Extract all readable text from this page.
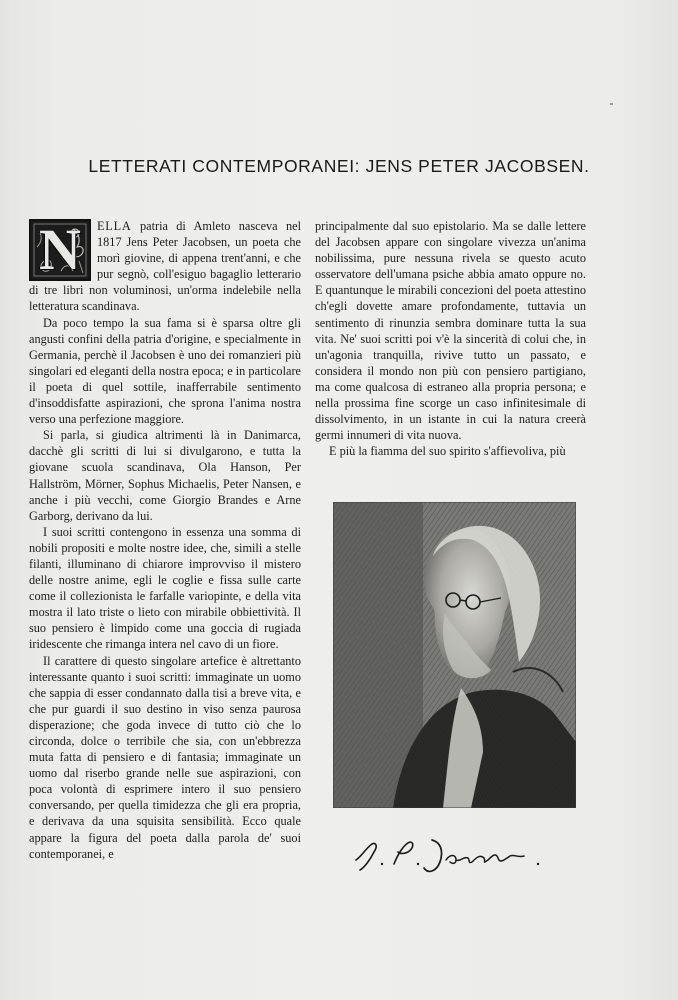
LETTERATI CONTEMPORANEI: JENS PETER JACOBSEN.

N	ELLA patria di Amleto nasceva nel 1817 Jens Peter Jacobsen, un poeta che morì giovine, di appena trent'anni, e che pur segnò, coll'esiguo bagaglio letterario di tre libri non voluminosi, un'orma indelebile nella letteratura scandinava.

Da poco tempo la sua fama si è sparsa oltre gli angusti confini della patria d'origine, e specialmente in Germania, perchè il Jacobsen è uno dei romanzieri più singolari ed eleganti della nostra epoca; e in particolare il poeta di quel sottile, inafferrabile sentimento d'insoddisfatte aspirazioni, che sprona l'anima nostra verso una perfezione maggiore.

Si parla, si giudica altrimenti là in Danimarca, dacchè gli scritti di lui si divulgarono, e tutta la giovane scuola scandinava, Ola Hanson, Per Hallström, Mörner, Sophus Michaelis, Peter Nansen, e anche i più vecchi, come Giorgio Brandes e Arne Garborg, derivano da lui.

I suoi scritti contengono in essenza una somma di nobili propositi e molte nostre idee, che, simili a stelle filanti, illuminano di chiarore improvviso il mistero delle nostre anime, egli le coglie e fissa sulle carte come il collezionista le farfalle variopinte, e della vita mostra il lato triste o lieto con mirabile obbiettività. Il suo pensiero è limpido come una goccia di rugiada iridescente che rimanga intera nel cavo di un fiore.

Il carattere di questo singolare artefice è altrettanto interessante quanto i suoi scritti: immaginate un uomo che sappia di esser condannato dalla tisi a breve vita, e che pur guardi il suo destino in viso senza paurosa disperazione; che goda invece di tutto ciò che lo circonda, dolce o terribile che sia, con un'ebbrezza muta fatta di pensiero e di fantasia; immaginate un uomo dal riserbo grande nelle sue aspirazioni, con poca volontà di esprimere intero il suo pensiero conversando, per quella timidezza che gli era propria, e derivava da una squisita sensibilità. Ecco quale appare la figura del poeta dalla parola de' suoi contemporanei, e

principalmente dal suo epistolario. Ma se dalle lettere del Jacobsen appare con singolare vivezza un'anima nobilissima, pure nessuna rivela se questo acuto osservatore dell'umana psiche abbia amato oppure no. E quantunque le mirabili concezioni del poeta attestino ch'egli dovette amare profondamente, tuttavia un sentimento di rinunzia sembra dominare tutta la sua vita. Ne' suoi scritti poi v'è la sincerità di colui che, in un'agonia tranquilla, rivive tutto un passato, e considera il mondo non più con pensiero partigiano, ma come qualcosa di estraneo alla propria persona; e nella prossima fine scorge un caso infinitesimale di dissolvimento, in un istante in cui la natura creerà germi innumeri di vita nuova.

E più la fiamma del suo spirito s'affievoliva, più
